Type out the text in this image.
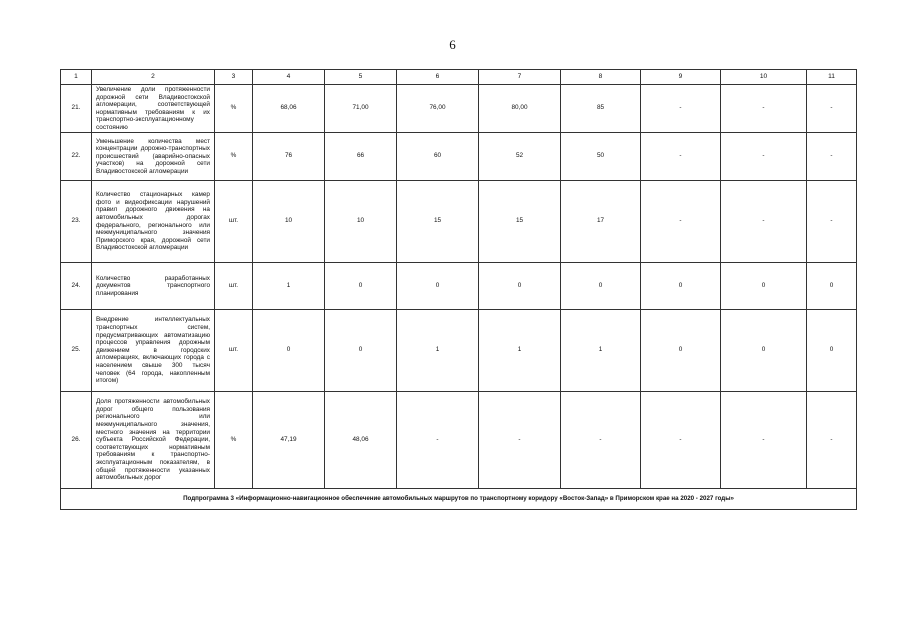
6
1	2	3	4	5	6	7	8	9	10	11
21.	Увеличение доли протяженности дорожной сети Владивостокской агломерации, соответствующей нормативным требованиям к их транспортно-эксплуатационному состоянию	%	68,06	71,00	76,00	80,00	85	-	-	-
22.	Уменьшение количества мест концентрации дорожно-транспортных происшествий (аварийно-опасных участков) на дорожной сети Владивостокской агломерации	%	76	66	60	52	50	-	-	-
23.	Количество стационарных камер фото и видеофиксации нарушений правил дорожного движения на автомобильных дорогах федерального, регионального или межмуниципального значения Приморского края, дорожной сети Владивостокской агломерации	шт.	10	10	15	15	17	-	-	-
24.	Количество разработанных документов транспортного планирования	шт.	1	0	0	0	0	0	0	0
25.	Внедрение интеллектуальных транспортных систем, предусматривающих автоматизацию процессов управления дорожным движением в городских агломерациях, включающих города с населением свыше 300 тысяч человек (64 города, накопленным итогом)	шт.	0	0	1	1	1	0	0	0
26.	Доля протяженности автомобильных дорог общего пользования регионального или межмуниципального значения, местного значения на территории субъекта Российской Федерации, соответствующих нормативным требованиям к транспортно-эксплуатационным показателям, в общей протяженности указанных автомобильных дорог	%	47,19	48,06	-	-	-	-	-	-
Подпрограмма 3 «Информационно-навигационное обеспечение автомобильных маршрутов по транспортному коридору «Восток-Запад» в Приморском крае на 2020 - 2027 годы»										
